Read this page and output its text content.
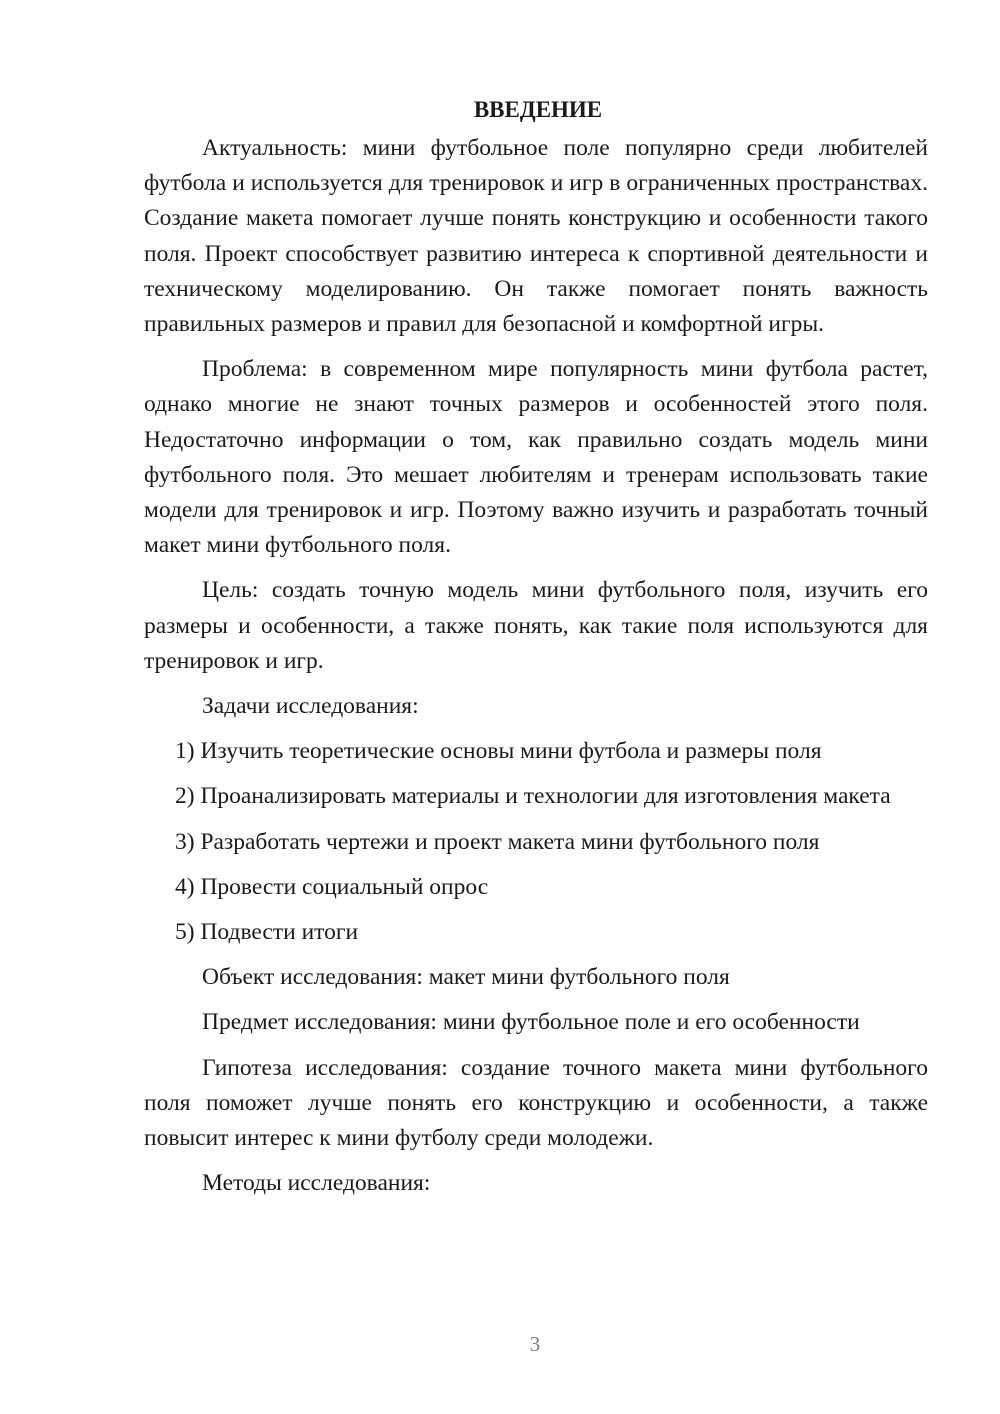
ВВЕДЕНИЕ

Актуальность: мини футбольное поле популярно среди любителей футбола и используется для тренировок и игр в ограниченных пространствах. Создание макета помогает лучше понять конструкцию и особенности такого поля. Проект способствует развитию интереса к спортивной деятельности и техническому моделированию. Он также помогает понять важность правильных размеров и правил для безопасной и комфортной игры.

Проблема: в современном мире популярность мини футбола растет, однако многие не знают точных размеров и особенностей этого поля. Недостаточно информации о том, как правильно создать модель мини футбольного поля. Это мешает любителям и тренерам использовать такие модели для тренировок и игр. Поэтому важно изучить и разработать точный макет мини футбольного поля.

Цель: создать точную модель мини футбольного поля, изучить его размеры и особенности, а также понять, как такие поля используются для тренировок и игр.

Задачи исследования:

1) Изучить теоретические основы мини футбола и размеры поля

2) Проанализировать материалы и технологии для изготовления макета

3) Разработать чертежи и проект макета мини футбольного поля

4) Провести социальный опрос

5) Подвести итоги

Объект исследования: макет мини футбольного поля

Предмет исследования: мини футбольное поле и его особенности

Гипотеза исследования: создание точного макета мини футбольного поля поможет лучше понять его конструкцию и особенности, а также повысит интерес к мини футболу среди молодежи.

Методы исследования:

3
